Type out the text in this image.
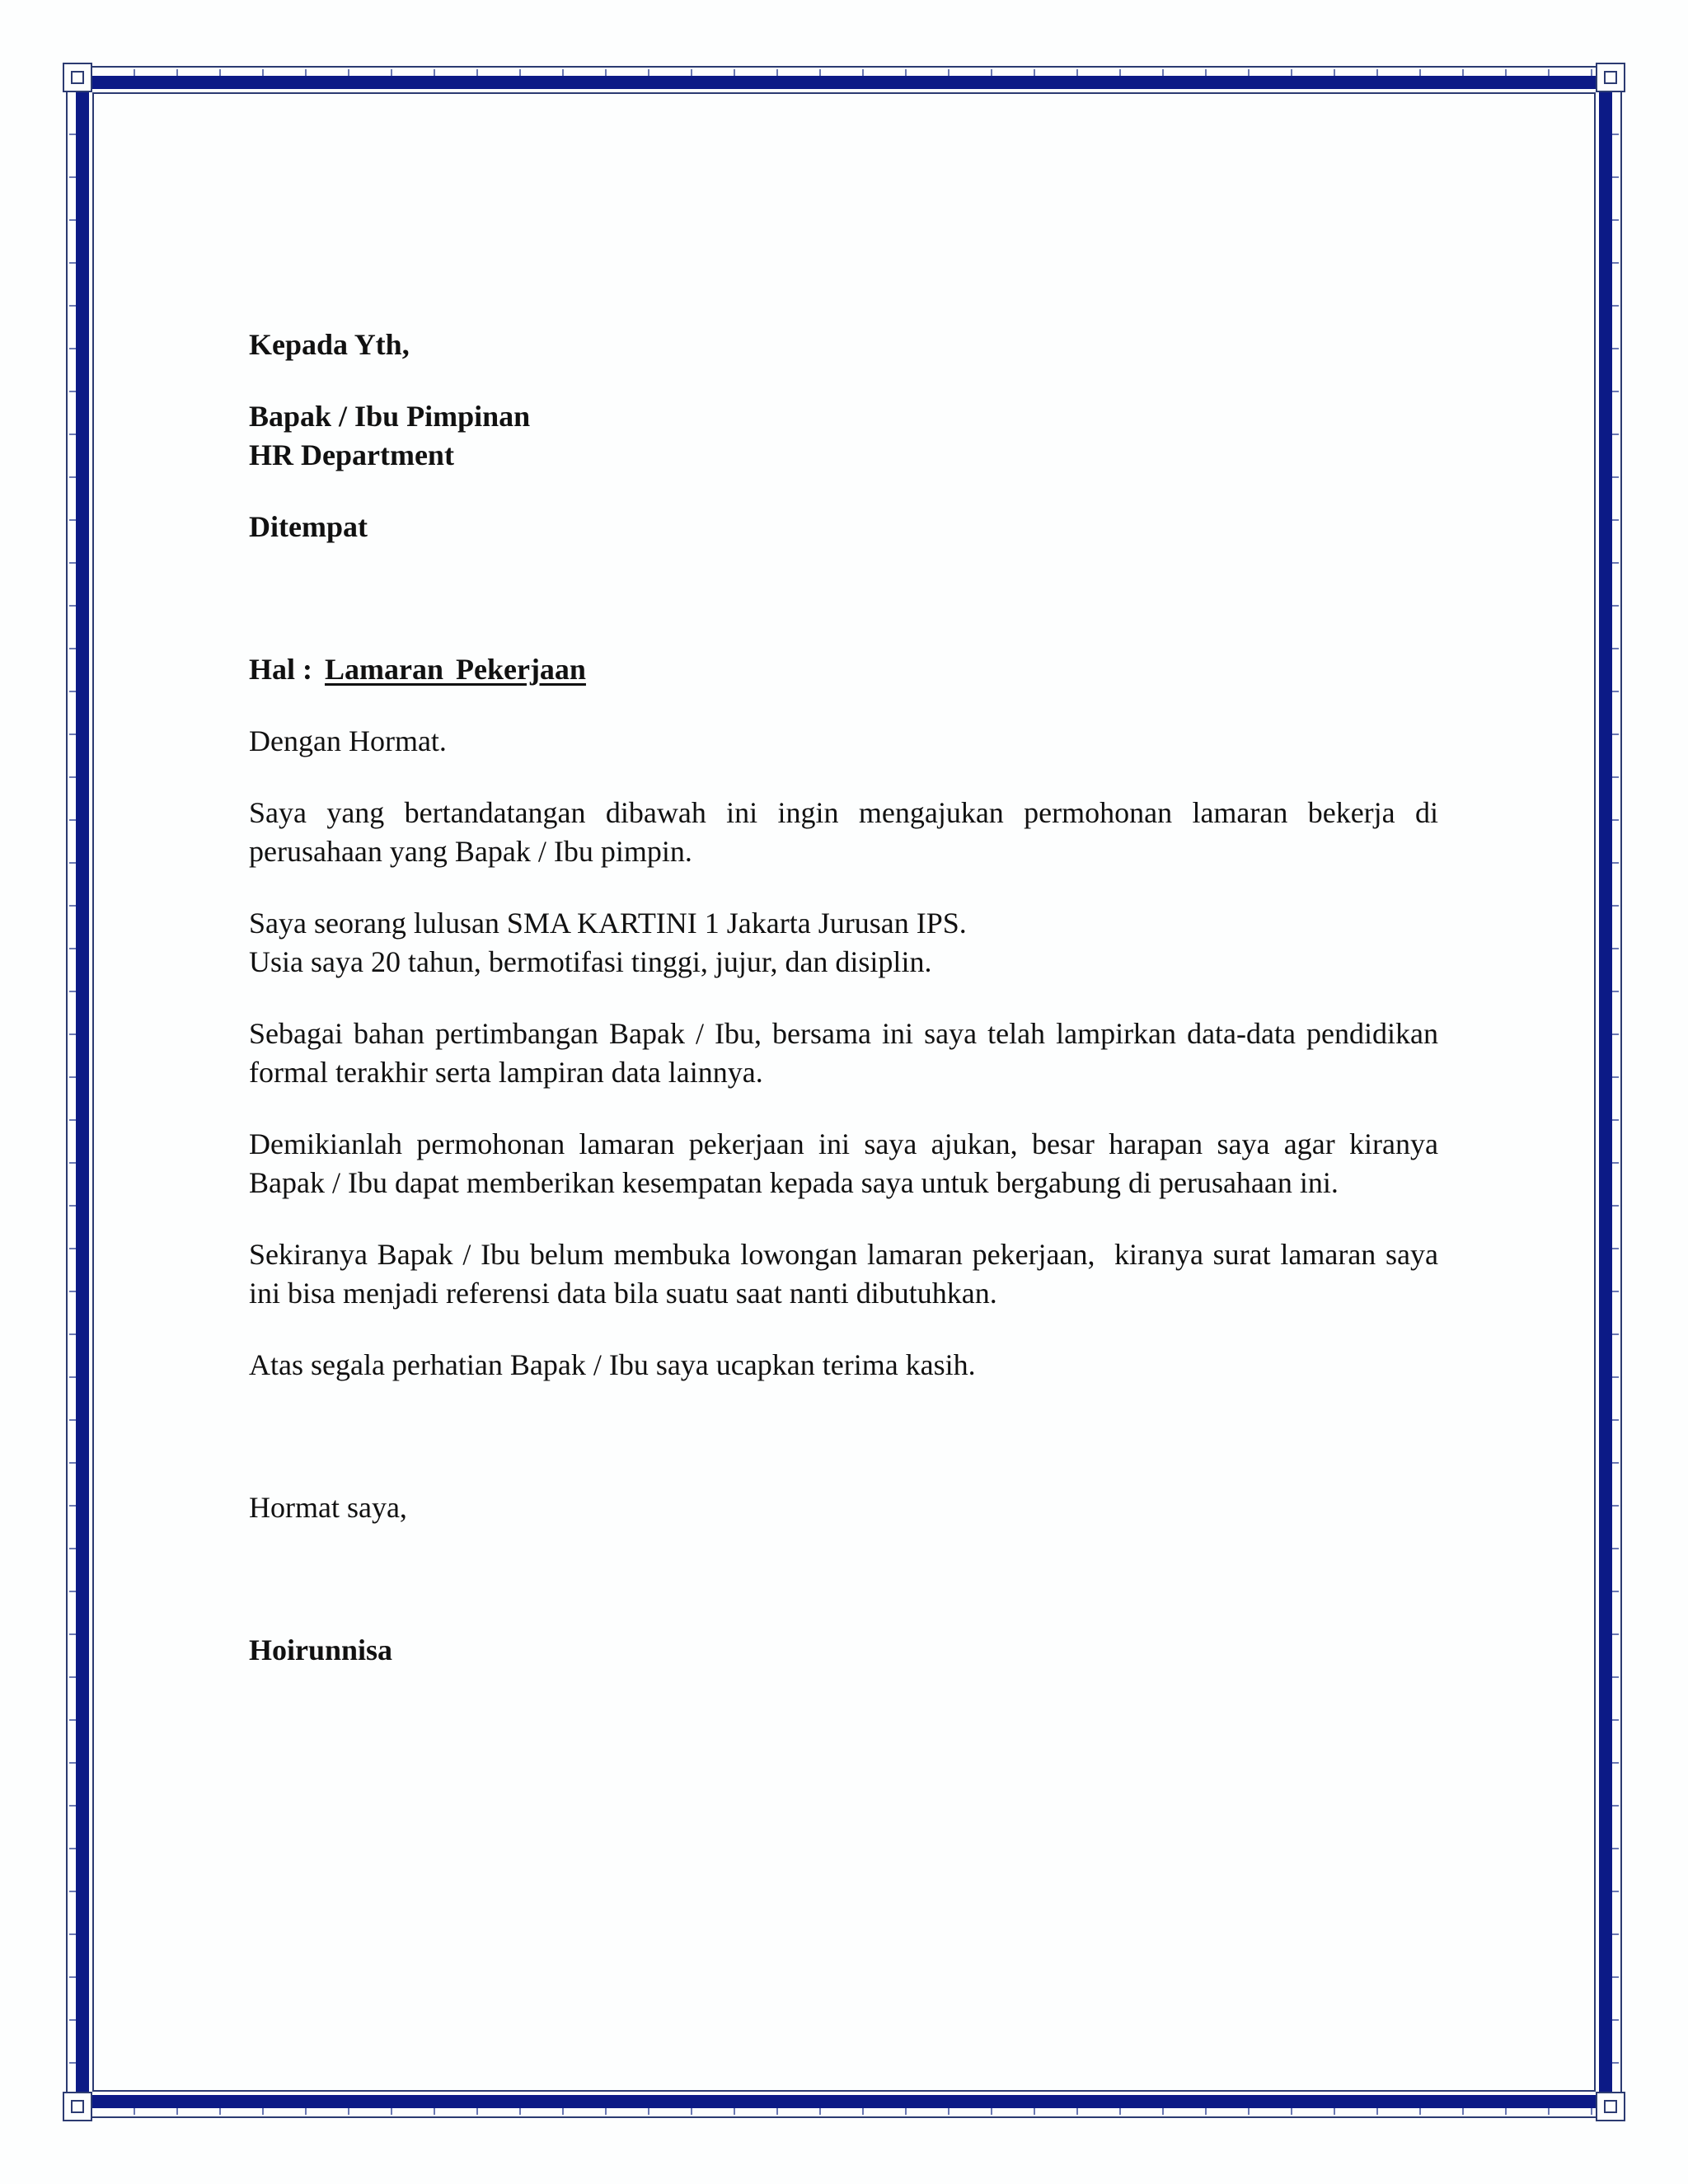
Kepada Yth,
Bapak / Ibu Pimpinan
HR Department
Ditempat
Hal : Lamaran Pekerjaan
Dengan Hormat.
Saya yang bertandatangan dibawah ini ingin mengajukan permohonan lamaran bekerja di perusahaan yang Bapak / Ibu pimpin.
Saya seorang lulusan SMA KARTINI 1 Jakarta Jurusan IPS.
Usia saya 20 tahun, bermotifasi tinggi, jujur, dan disiplin.
Sebagai bahan pertimbangan Bapak / Ibu, bersama ini saya telah lampirkan data-data pendidikan formal terakhir serta lampiran data lainnya.
Demikianlah permohonan lamaran pekerjaan ini saya ajukan, besar harapan saya agar kiranya Bapak / Ibu dapat memberikan kesempatan kepada saya untuk bergabung di perusahaan ini.
Sekiranya Bapak / Ibu belum membuka lowongan lamaran pekerjaan,  kiranya surat lamaran saya ini bisa menjadi referensi data bila suatu saat nanti dibutuhkan.
Atas segala perhatian Bapak / Ibu saya ucapkan terima kasih.
Hormat saya,
Hoirunnisa
